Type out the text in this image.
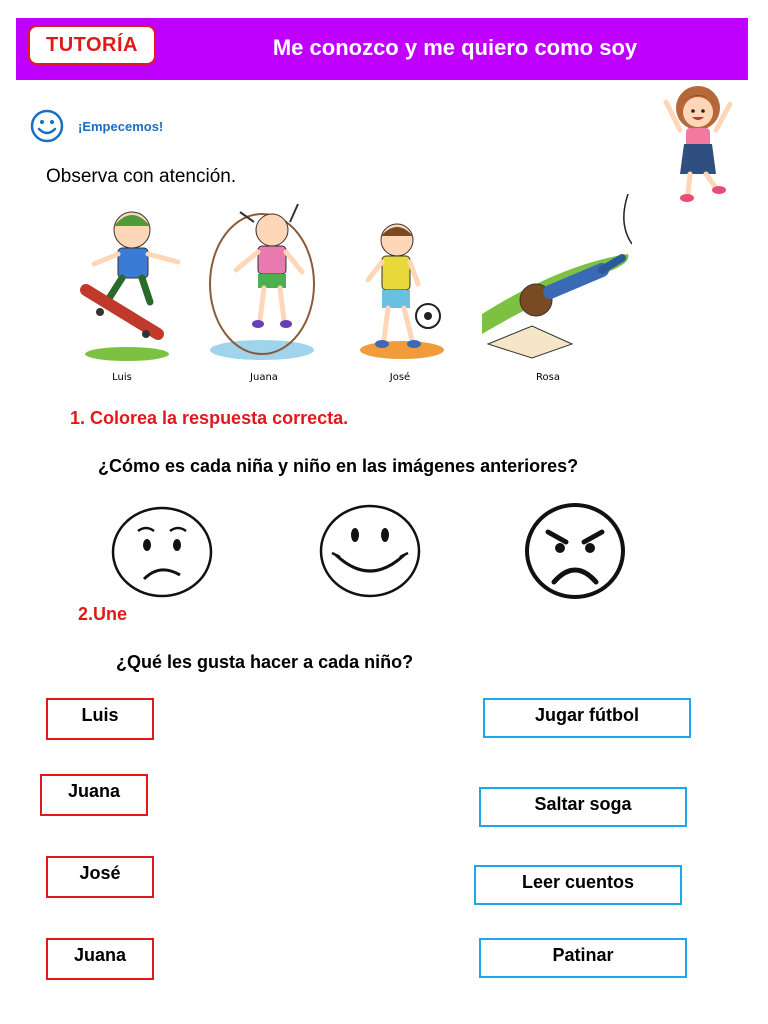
TUTORÍA	Me conozco y me quiero como soy
¡Empecemos!
Observa con atención.
Luis	Juana	José	Rosa
1. Colorea la respuesta correcta.
¿Cómo es cada niña y niño en las imágenes anteriores?
2.Une
¿Qué les gusta hacer a cada niño?
Luis
Juana
José
Juana
Jugar fútbol
Saltar soga
Leer cuentos
Patinar
